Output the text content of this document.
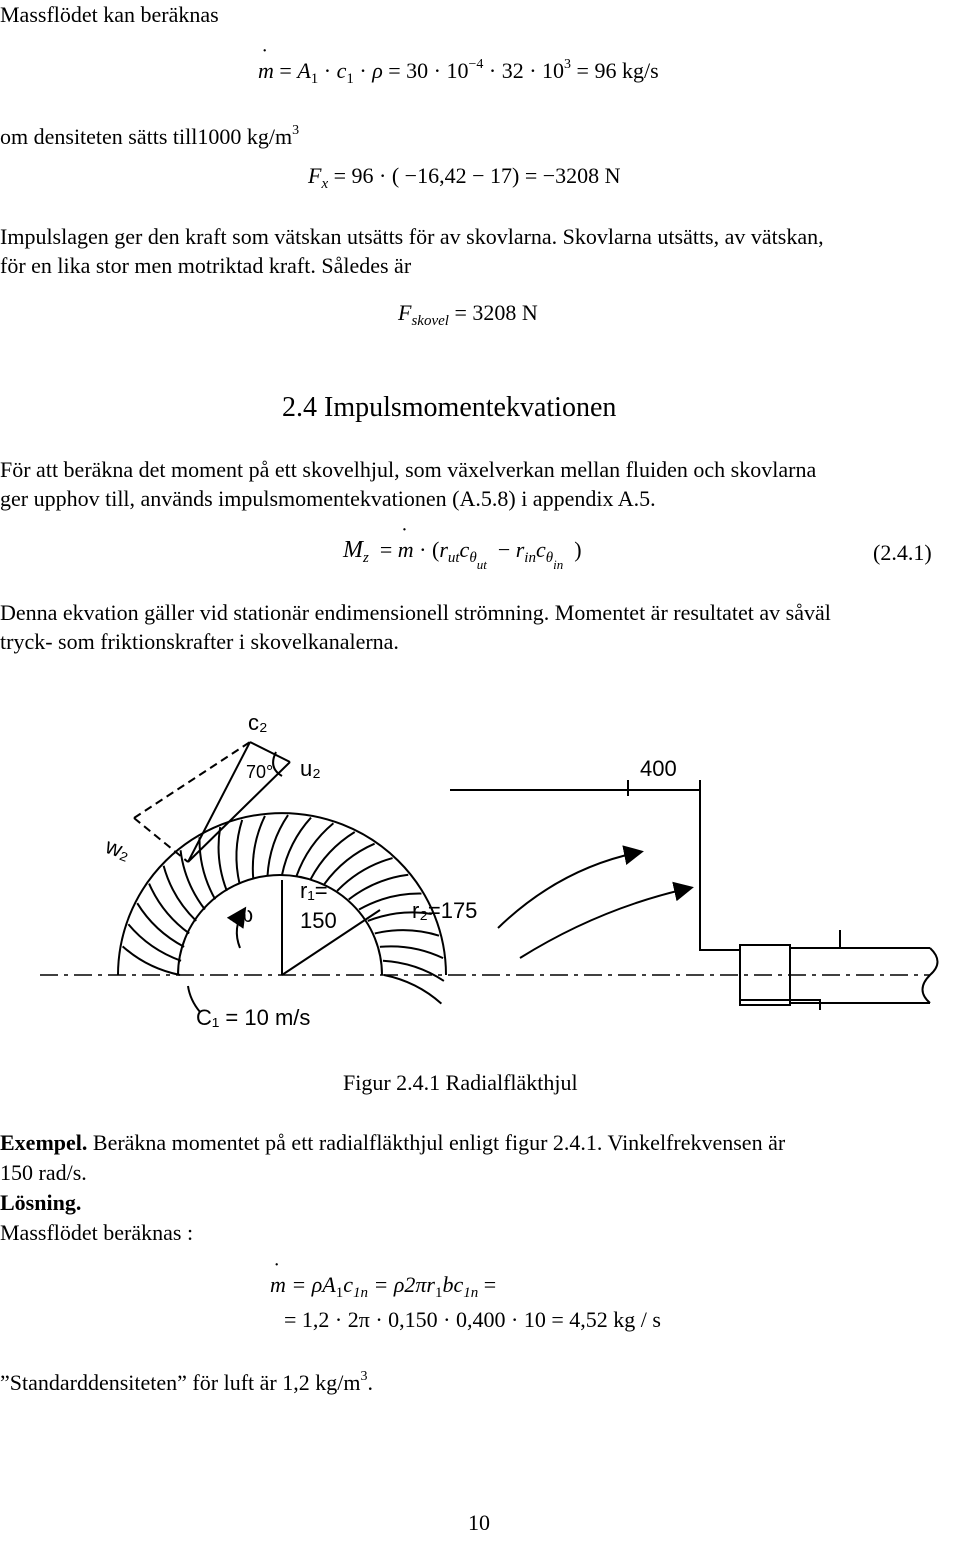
Massflödet kan beräknas
m ˙ = $A_1 \cdot c_1 \cdot \rho = 30 \cdot 10^{-4} \cdot 32 \cdot 10^3 = 96$ kg/s
om densiteten sätts till1000 $kg/m^3$
$F_x = 96$ · ( −16,42 − 17) = −3208 N
Impulslagen ger den kraft som vätskan utsätts för av skovlarna. Skovlarna utsätts, av vätskan,
för en lika stor men motriktad kraft. Således är
$F_{skovel} = 3208$ N
2.4 Impulsmomentekvationen
För att beräkna det moment på ett skovelhjul, som växelverkan mellan fluiden och skovlarna
ger upphov till, används impulsmomentekvationen (A.5.8) i appendix A.5.
$M_z = m$ ˙ · ($r_{ut}c_{\theta ut} - r_{in}c_{\theta in}$  )	(2.4.1)
Denna ekvation gäller vid stationär endimensionell strömning. Momentet är resultatet av såväl
tryck- som friktionskrafter i skovelkanalerna.
c₂
70° u₂
w₂
ω
r₁=
150	r₂=175
C₁ = 10 m/s
400
Figur 2.4.1 Radialfläkthjul
Exempel. Beräkna momentet på ett radialfläkthjul enligt figur 2.4.1. Vinkelfrekvensen är
150 rad/s.
Lösning.
Massflödet beräknas :
m ˙ = $\rho A_1c_{1n} = \rho 2\pi r_1bc_{1n}$ =
= 1,2 · 2π · 0,150 · 0,400 · 10 = 4,52 kg / s
”Standarddensiteten” för luft är 1,2 $kg/m^3$.
10
